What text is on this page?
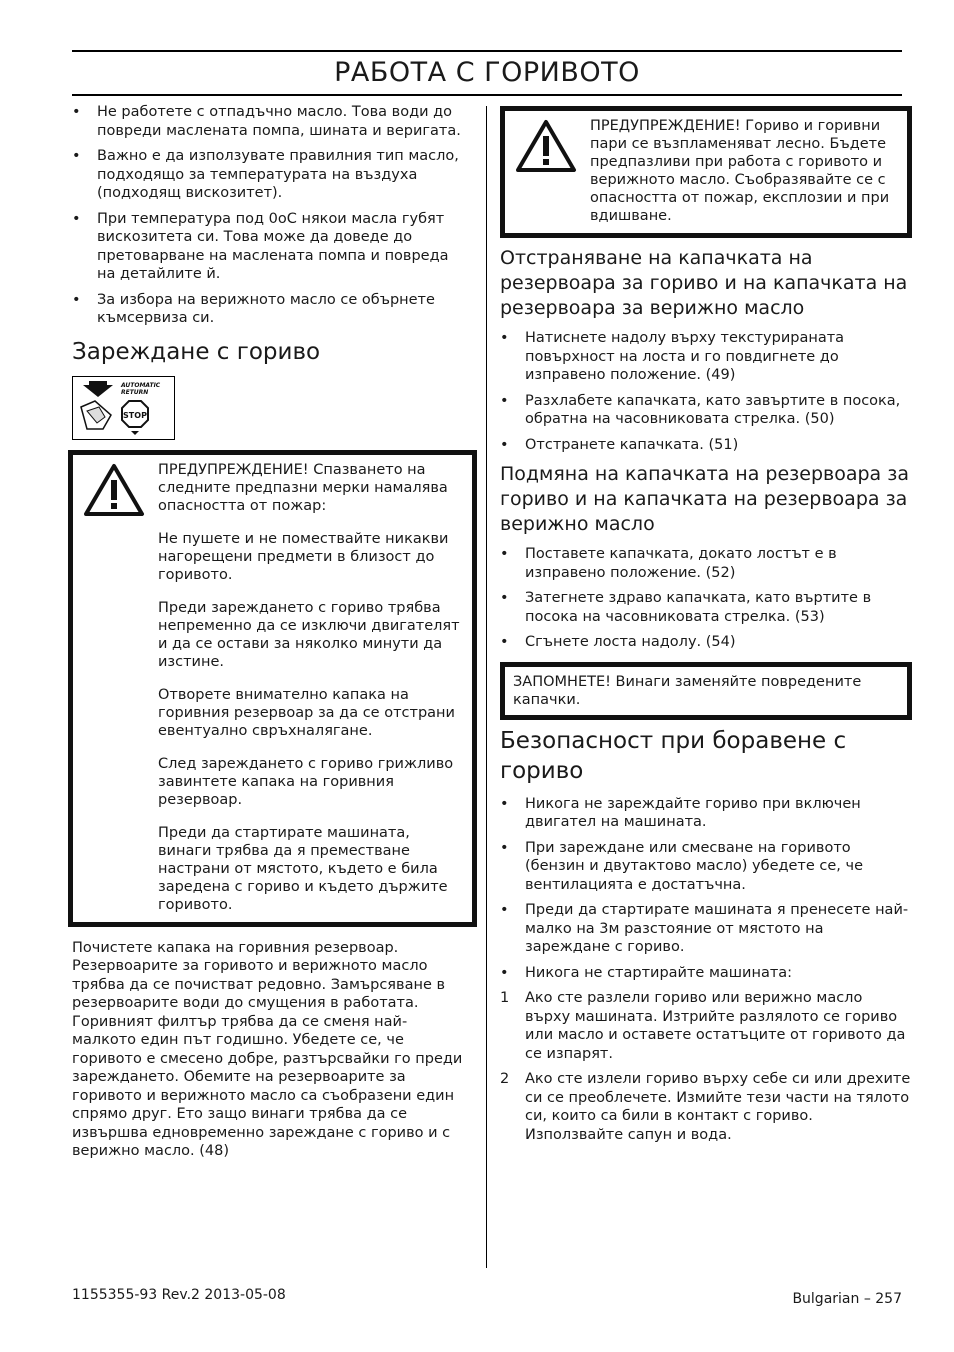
РАБОТА С ГОРИВОТО
• Не работете с отпадъчно масло. Това води до повреди маслената помпа, шината и веригата.
• Важно е да използувате правилния тип масло, подходящо за температурата на въздуха (подходящ вискозитет).
• При температура под 0оС някои масла губят вискозитета си. Това може да доведе до претоварване на маслената помпа и повреда на детайлите й.
• За избора на верижното масло се обърнете къмсервиза си.
Зареждане с гориво
AUTOMATIC
RETURN
STOP

ПРЕДУПРЕЖДЕНИЕ! Спазването на следните предпазни мерки намалява опасността от пожар:

Не пушете и не помествайте никакви нагорещени предмети в близост до горивото.

Преди зареждането с гориво трябва непременно да се изключи двигателят и да се остави за няколко минути да изстине.

Отворете внимателно капака на горивния резервоар за да се отстрани евентуално свръхналягане.

След зареждането с гориво грижливо завинтете капака на горивния резервоар.

Преди да стартирате машината, винаги трябва да я преместване настрани от мястото, където е била заредена с гориво и където държите горивото.

Почистете капака на горивния резервоар. Резервоарите за горивото и верижното масло трябва да се почистват редовно. Замърсяване в резервоарите води до смущения в работата. Горивният филтър трябва да се сменя най-малкото един път годишно. Убедете се, че горивото е смесено добре, разтърсвайки го преди зареждането. Обемите на резервоарите за горивото и верижното масло са съобразени един спрямо друг. Ето защо винаги трябва да се извършва едновременно зареждане с гориво и с верижно масло. (48)

ПРЕДУПРЕЖДЕНИЕ! Гориво и горивни пари се възпламеняват лесно. Бъдете предпазливи при работа с горивото и верижното масло. Съобразявайте се с опасността от пожар, експлозии и при вдишване.

Отстраняване на капачката на резервоара за гориво и на капачката на резервоара за верижно масло
• Натиснете надолу върху текстурираната повърхност на лоста и го повдигнете до изправено положение. (49)
• Разхлабете капачката, като завъртите в посока, обратна на часовниковата стрелка. (50)
• Отстранете капачката. (51)
Подмяна на капачката на резервоара за гориво и на капачката на резервоара за верижно масло
• Поставете капачката, докато лостът е в изправено положение. (52)
• Затегнете здраво капачката, като въртите в посока на часовниковата стрелка. (53)
• Сгънете лоста надолу. (54)
ЗАПОМНЕТЕ! Винаги заменяйте повредените капачки.
Безопасност при боравене с гориво
• Никога не зареждайте гориво при включен двигател на машината.
• При зареждане или смесване на горивото (бензин и двутактово масло) убедете се, че вентилацията е достатъчна.
• Преди да стартирате машината я пренесете най-малко на 3м разстояние от мястото на зареждане с гориво.
• Никога не стартирайте машината:
1 Ако сте разлели гориво или верижно масло върху машината. Изтрийте разлялото се гориво или масло и оставете остатъците от горивото да се изпарят.
2 Ако сте излели гориво върху себе си или дрехите си се преоблечете. Измийте тези части на тялото си, които са били в контакт с гориво. Използвайте сапун и вода.
1155355-93 Rev.2 2013-05-08	Bulgarian – 257
